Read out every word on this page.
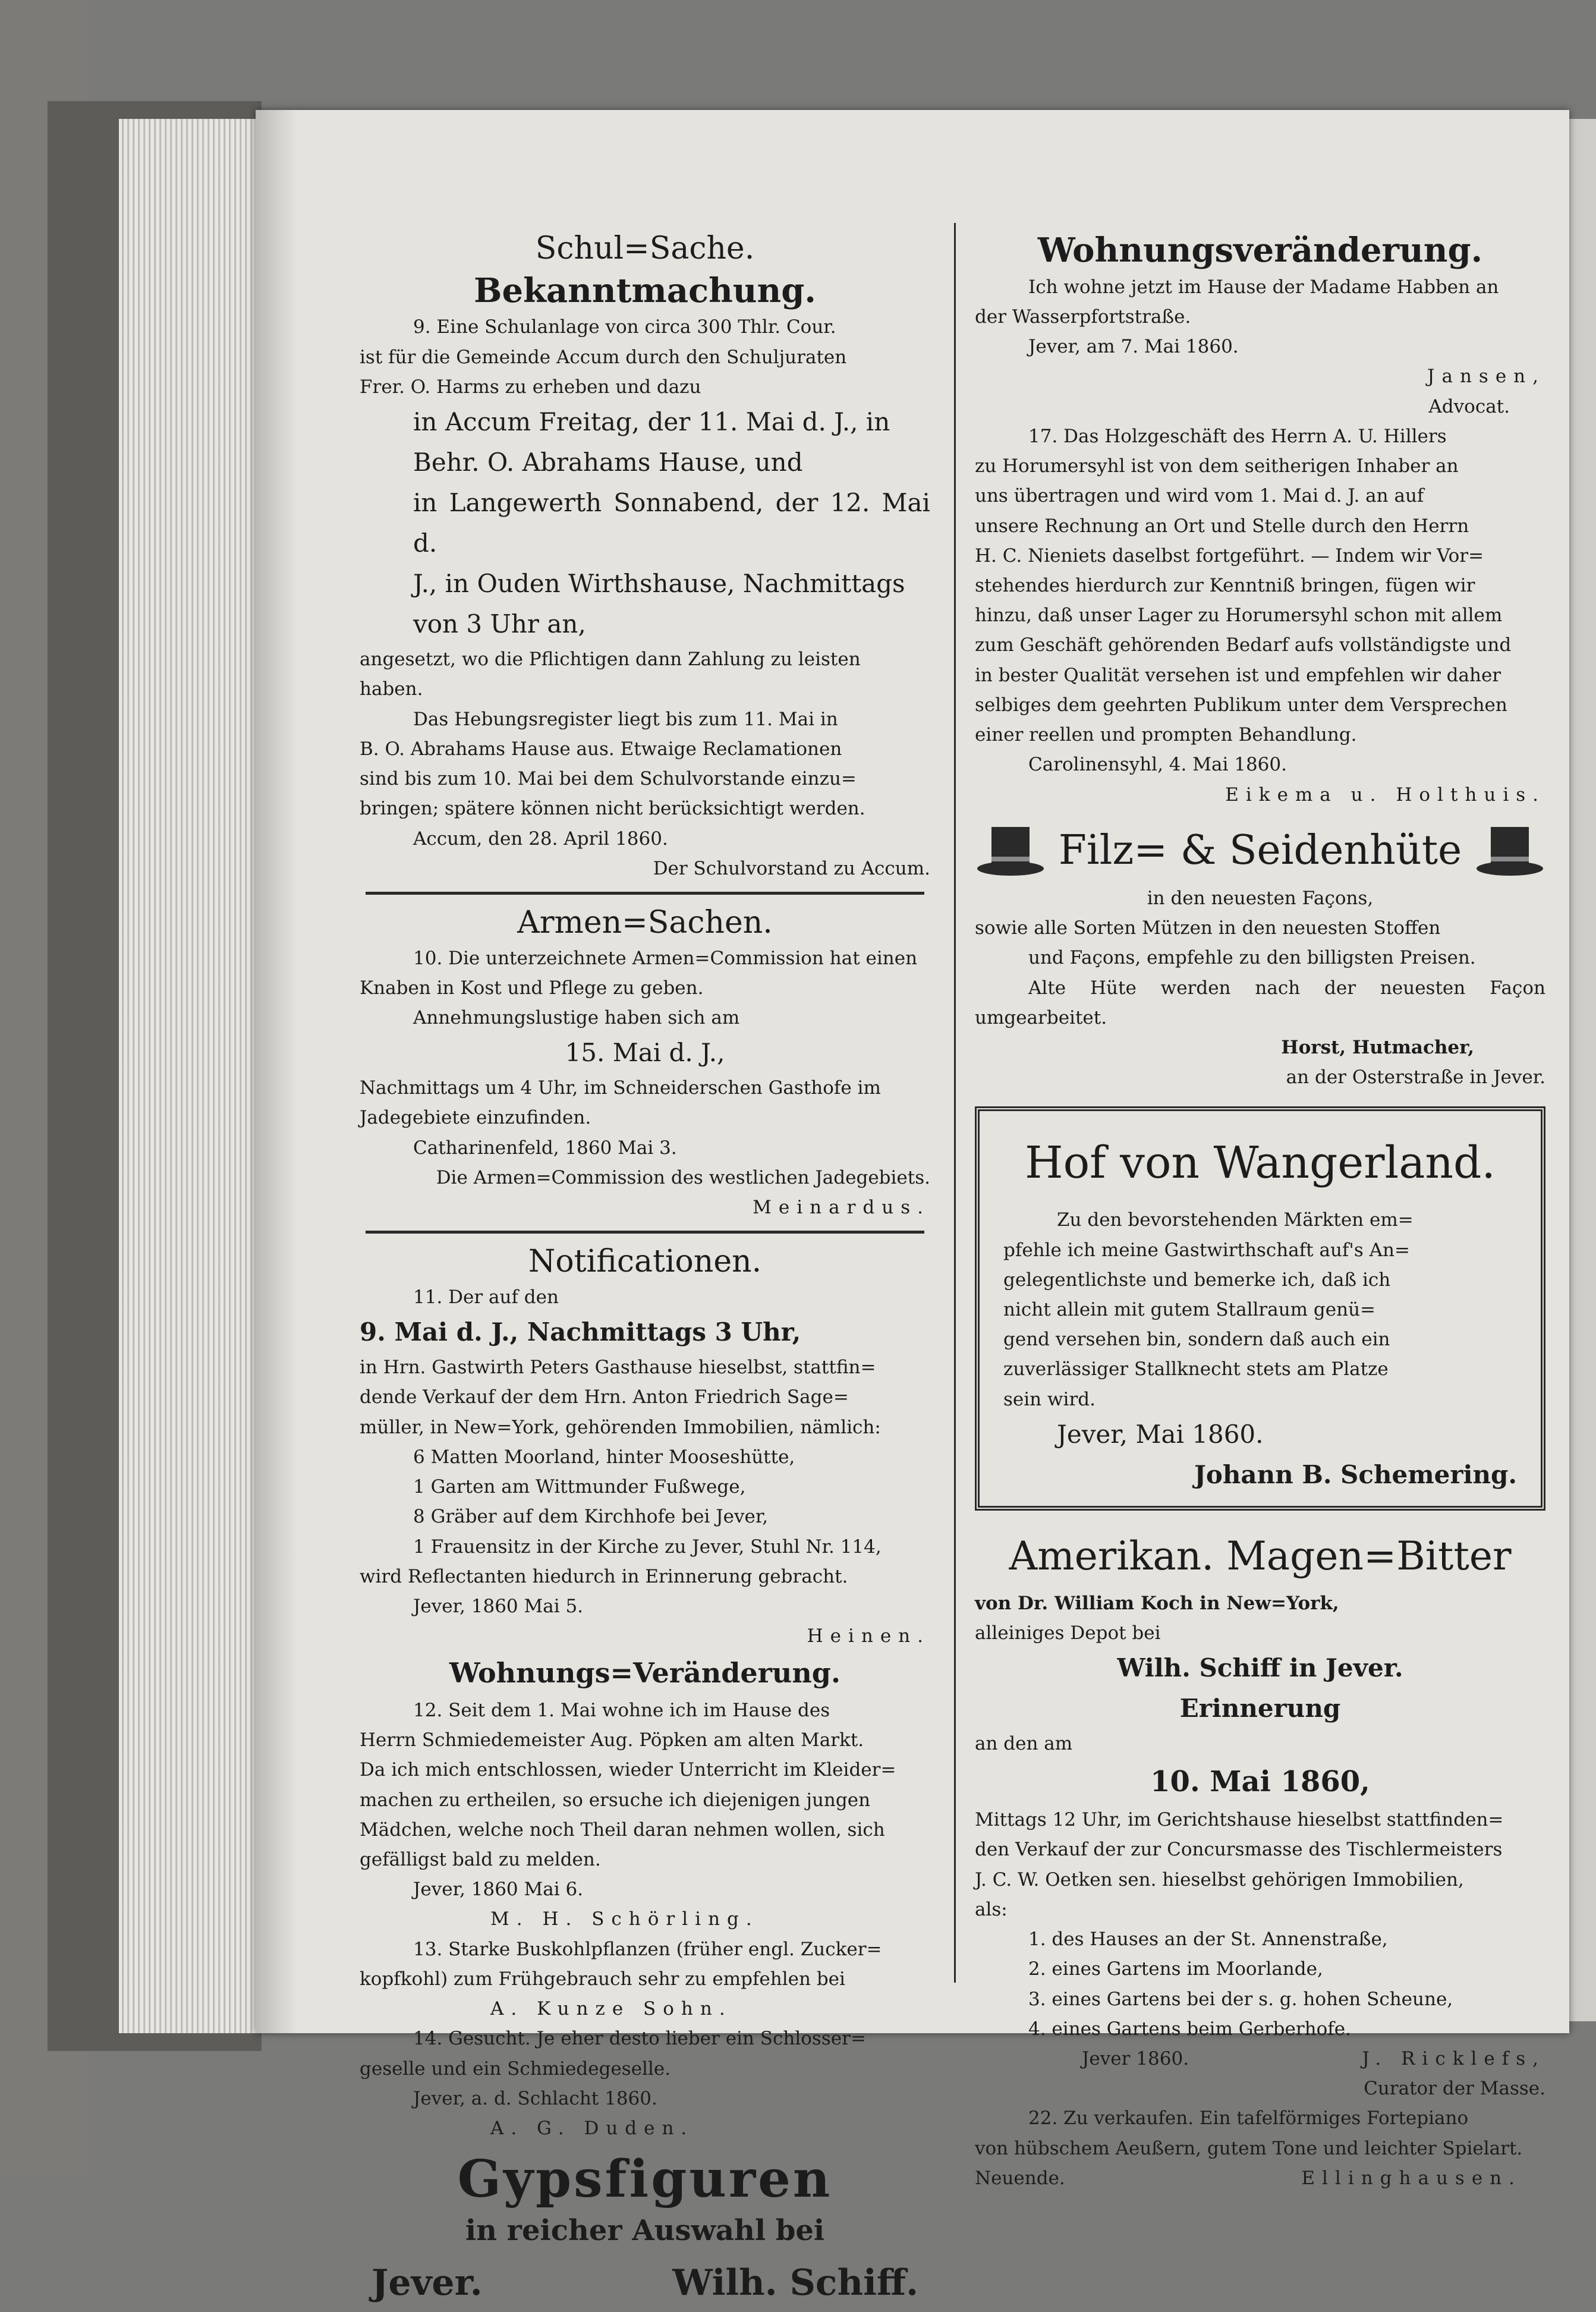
Schul=Sache.

Bekanntmachung.

9. Eine Schulanlage von circa 300 Thlr. Cour.

ist für die Gemeinde Accum durch den Schuljuraten

Frer. O. Harms zu erheben und dazu

in Accum Freitag, der 11. Mai d. J., in

Behr. O. Abrahams Hause, und

in Langewerth Sonnabend, der 12. Mai d.

J., in Ouden Wirthshause, Nachmittags

von 3 Uhr an,

angesetzt, wo die Pflichtigen dann Zahlung zu leisten

haben.

Das Hebungsregister liegt bis zum 11. Mai in

B. O. Abrahams Hause aus. Etwaige Reclamationen

sind bis zum 10. Mai bei dem Schulvorstande einzu=

bringen; spätere können nicht berücksichtigt werden.

Accum, den 28. April 1860.

Der Schulvorstand zu Accum.

Armen=Sachen.

10. Die unterzeichnete Armen=Commission hat einen

Knaben in Kost und Pflege zu geben.

Annehmungslustige haben sich am

15. Mai d. J.,

Nachmittags um 4 Uhr, im Schneiderschen Gasthofe im

Jadegebiete einzufinden.

Catharinenfeld, 1860 Mai 3.

Die Armen=Commission des westlichen Jadegebiets.

Meinardus.

Notificationen.

11. Der auf den

9. Mai d. J., Nachmittags 3 Uhr,

in Hrn. Gastwirth Peters Gasthause hieselbst, stattfin=

dende Verkauf der dem Hrn. Anton Friedrich Sage=

müller, in New=York, gehörenden Immobilien, nämlich:

6 Matten Moorland, hinter Mooseshütte,

1 Garten am Wittmunder Fußwege,

8 Gräber auf dem Kirchhofe bei Jever,

1 Frauensitz in der Kirche zu Jever, Stuhl Nr. 114,

wird Reflectanten hiedurch in Erinnerung gebracht.

Jever, 1860 Mai 5.

Heinen.

Wohnungs=Veränderung.

12. Seit dem 1. Mai wohne ich im Hause des

Herrn Schmiedemeister Aug. Pöpken am alten Markt.

Da ich mich entschlossen, wieder Unterricht im Kleider=

machen zu ertheilen, so ersuche ich diejenigen jungen

Mädchen, welche noch Theil daran nehmen wollen, sich

gefälligst bald zu melden.

Jever, 1860 Mai 6.

M. H. Schörling.

13. Starke Buskohlpflanzen (früher engl. Zucker=

kopfkohl) zum Frühgebrauch sehr zu empfehlen bei

A. Kunze Sohn.

14. Gesucht. Je eher desto lieber ein Schlosser=

geselle und ein Schmiedegeselle.

Jever, a. d. Schlacht 1860.

A. G. Duden.

Gypsfiguren

in reicher Auswahl bei

Jever.	Wilh. Schiff.

Wohnungsveränderung.

Ich wohne jetzt im Hause der Madame Habben an

der Wasserpfortstraße.

Jever, am 7. Mai 1860.

Jansen,

Advocat.

17. Das Holzgeschäft des Herrn A. U. Hillers

zu Horumersyhl ist von dem seitherigen Inhaber an

uns übertragen und wird vom 1. Mai d. J. an auf

unsere Rechnung an Ort und Stelle durch den Herrn

H. C. Nieniets daselbst fortgeführt. — Indem wir Vor=

stehendes hierdurch zur Kenntniß bringen, fügen wir

hinzu, daß unser Lager zu Horumersyhl schon mit allem

zum Geschäft gehörenden Bedarf aufs vollständigste und

in bester Qualität versehen ist und empfehlen wir daher

selbiges dem geehrten Publikum unter dem Versprechen

einer reellen und prompten Behandlung.

Carolinensyhl, 4. Mai 1860.

Eikema u. Holthuis.

Filz= & Seidenhüte

in den neuesten Façons,

sowie alle Sorten Mützen in den neuesten Stoffen

und Façons, empfehle zu den billigsten Preisen.

Alte Hüte werden nach der neuesten Façon umgearbeitet.

Horst, Hutmacher,

an der Osterstraße in Jever.

Hof von Wangerland.

Zu den bevorstehenden Märkten em=

pfehle ich meine Gastwirthschaft auf's An=

gelegentlichste und bemerke ich, daß ich

nicht allein mit gutem Stallraum genü=

gend versehen bin, sondern daß auch ein

zuverlässiger Stallknecht stets am Platze

sein wird.

Jever, Mai 1860.

Johann B. Schemering.

Amerikan. Magen=Bitter

von Dr. William Koch in New=York,

alleiniges Depot bei

Wilh. Schiff in Jever.

Erinnerung

an den am

10. Mai 1860,

Mittags 12 Uhr, im Gerichtshause hieselbst stattfinden=

den Verkauf der zur Concursmasse des Tischlermeisters

J. C. W. Oetken sen. hieselbst gehörigen Immobilien,

als:

1. des Hauses an der St. Annenstraße,

2. eines Gartens im Moorlande,

3. eines Gartens bei der s. g. hohen Scheune,

4. eines Gartens beim Gerberhofe.

Jever 1860.	J. Ricklefs,

Curator der Masse.

22. Zu verkaufen. Ein tafelförmiges Fortepiano

von hübschem Aeußern, gutem Tone und leichter Spielart.

Neuende.	Ellinghausen.
